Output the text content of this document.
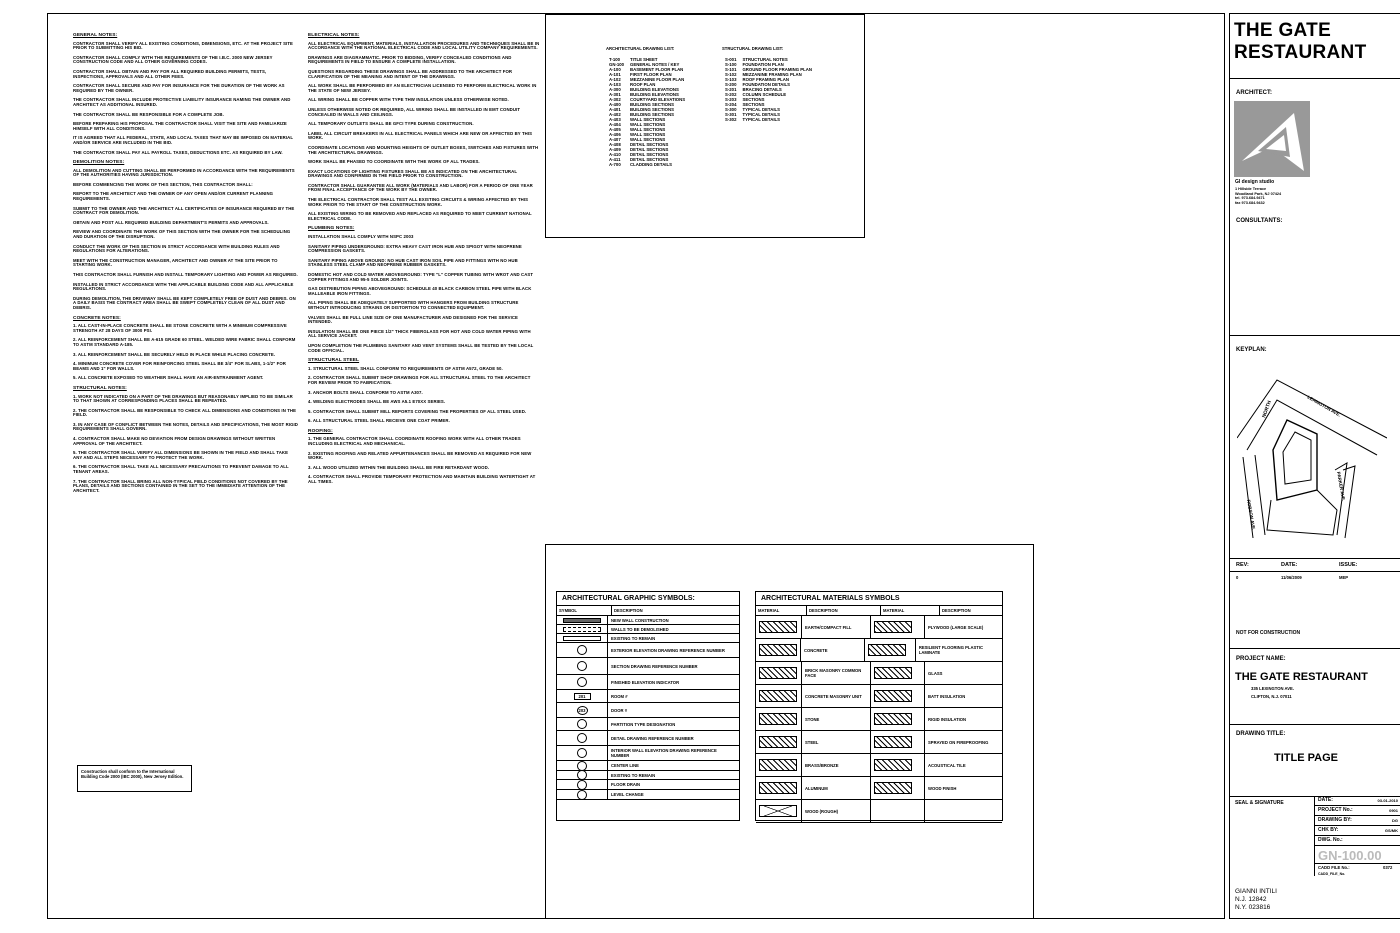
ARCHITECTURAL DRAWING LIST:
T-100	TITLE SHEET
GN-100	GENERAL NOTES / KEY
A-100	BASEMENT FLOOR PLAN
A-101	FIRST FLOOR PLAN
A-102	MEZZANINE FLOOR PLAN
A-103	ROOF PLAN
A-300	BUILDING ELEVATIONS
A-301	BUILDING ELEVATIONS
A-302	COURTYARD ELEVATIONS
A-400	BUILDING SECTIONS
A-401	BUILDING SECTIONS
A-402	BUILDING SECTIONS
A-403	WALL SECTIONS
A-404	WALL SECTIONS
A-405	WALL SECTIONS
A-406	WALL SECTIONS
A-407	WALL SECTIONS
A-408	DETAIL SECTIONS
A-409	DETAIL SECTIONS
A-410	DETAIL SECTIONS
A-411	DETAIL SECTIONS
A-700	CLADDING DETAILS
STRUCTURAL DRAWING LIST:
S-001	STRUCTURAL NOTES
S-100	FOUNDATION PLAN
S-101	GROUND FLOOR FRAMING PLAN
S-102	MEZZANINE FRAMING PLAN
S-103	ROOF FRAMING PLAN
S-200	FOUNDATION DETAILS
S-201	BRACING DETAILS
S-202	COLUMN SCHEDULE
S-203	SECTIONS
S-204	SECTIONS
S-300	TYPICAL DETAILS
S-301	TYPICAL DETAILS
S-302	TYPICAL DETAILS
GENERAL NOTES:
CONTRACTOR SHALL VERIFY ALL EXISTING CONDITIONS, DIMENSIONS, ETC. AT THE PROJECT SITE PRIOR TO SUBMITTING HIS BID.
CONTRACTOR SHALL COMPLY WITH THE REQUIREMENTS OF THE I.B.C. 2000 NEW JERSEY CONSTRUCTION CODE AND ALL OTHER GOVERNING CODES.
CONTRACTOR SHALL OBTAIN AND PAY FOR ALL REQUIRED BUILDING PERMITS, TESTS, INSPECTIONS, APPROVALS AND ALL OTHER FEES.
CONTRACTOR SHALL SECURE AND PAY FOR INSURANCE FOR THE DURATION OF THE WORK AS REQUIRED BY THE OWNER.
THE CONTRACTOR SHALL INCLUDE PROTECTIVE LIABILITY INSURANCE NAMING THE OWNER AND ARCHITECT AS ADDITIONAL INSURED.
THE CONTRACTOR SHALL BE RESPONSIBLE FOR A COMPLETE JOB.
BEFORE PREPARING HIS PROPOSAL THE CONTRACTOR SHALL VISIT THE SITE AND FAMILIARIZE HIMSELF WITH ALL CONDITIONS.
IT IS AGREED THAT ALL FEDERAL, STATE, AND LOCAL TAXES THAT MAY BE IMPOSED ON MATERIAL AND/OR SERVICE ARE INCLUDED IN THE BID.
THE CONTRACTOR SHALL PAY ALL PAYROLL TAXES, DEDUCTIONS ETC. AS REQUIRED BY LAW.
DEMOLITION NOTES:
ALL DEMOLITION AND CUTTING SHALL BE PERFORMED IN ACCORDANCE WITH THE REQUIREMENTS OF THE AUTHORITIES HAVING JURISDICTION.
BEFORE COMMENCING THE WORK OF THIS SECTION, THIS CONTRACTOR SHALL:
REPORT TO THE ARCHITECT AND THE OWNER OF ANY OPEN AND/OR CURRENT PLANNING REQUIREMENTS.
SUBMIT TO THE OWNER AND THE ARCHITECT ALL CERTIFICATES OF INSURANCE REQUIRED BY THE CONTRACT FOR DEMOLITION.
OBTAIN AND POST ALL REQUIRED BUILDING DEPARTMENT'S PERMITS AND APPROVALS.
REVIEW AND COORDINATE THE WORK OF THIS SECTION WITH THE OWNER FOR THE SCHEDULING AND DURATION OF THE DISRUPTION.
CONDUCT THE WORK OF THIS SECTION IN STRICT ACCORDANCE WITH BUILDING RULES AND REGULATIONS FOR ALTERATIONS.
MEET WITH THE CONSTRUCTION MANAGER, ARCHITECT AND OWNER AT THE SITE PRIOR TO STARTING WORK.
THIS CONTRACTOR SHALL FURNISH AND INSTALL TEMPORARY LIGHTING AND POWER AS REQUIRED.
INSTALLED IN STRICT ACCORDANCE WITH THE APPLICABLE BUILDING CODE AND ALL APPLICABLE REGULATIONS.
DURING DEMOLITION, THE DRIVEWAY SHALL BE KEPT COMPLETELY FREE OF DUST AND DEBRIS. ON A DAILY BASIS THE CONTRACT AREA SHALL BE SWEPT COMPLETELY CLEAN OF ALL DUST AND DEBRIS.
CONCRETE NOTES:
1. ALL CAST-IN-PLACE CONCRETE SHALL BE STONE CONCRETE WITH A MINIMUM COMPRESSIVE STRENGTH AT 28 DAYS OF 3000 PSI.
2. ALL REINFORCEMENT SHALL BE A-615 GRADE 60 STEEL. WELDED WIRE FABRIC SHALL CONFORM TO ASTM STANDARD A-185.
3. ALL REINFORCEMENT SHALL BE SECURELY HELD IN PLACE WHILE PLACING CONCRETE.
4. MINIMUM CONCRETE COVER FOR REINFORCING STEEL SHALL BE 3/4" FOR SLABS, 1-1/2" FOR BEAMS AND 1" FOR WALLS.
5. ALL CONCRETE EXPOSED TO WEATHER SHALL HAVE AN AIR-ENTRAINMENT AGENT.
STRUCTURAL NOTES:
1. WORK NOT INDICATED ON A PART OF THE DRAWINGS BUT REASONABLY IMPLIED TO BE SIMILAR TO THAT SHOWN AT CORRESPONDING PLACES SHALL BE REPEATED.
2. THE CONTRACTOR SHALL BE RESPONSIBLE TO CHECK ALL DIMENSIONS AND CONDITIONS IN THE FIELD.
3. IN ANY CASE OF CONFLICT BETWEEN THE NOTES, DETAILS AND SPECIFICATIONS, THE MOST RIGID REQUIREMENTS SHALL GOVERN.
4. CONTRACTOR SHALL MAKE NO DEVIATION FROM DESIGN DRAWINGS WITHOUT WRITTEN APPROVAL OF THE ARCHITECT.
5. THE CONTRACTOR SHALL VERIFY ALL DIMENSIONS BE SHOWN IN THE FIELD AND SHALL TAKE ANY AND ALL STEPS NECESSARY TO PROTECT THE WORK.
6. THE CONTRACTOR SHALL TAKE ALL NECESSARY PRECAUTIONS TO PREVENT DAMAGE TO ALL TENANT AREAS.
7. THE CONTRACTOR SHALL BRING ALL NON-TYPICAL FIELD CONDITIONS NOT COVERED BY THE PLANS, DETAILS AND SECTIONS CONTAINED IN THE SET TO THE IMMEDIATE ATTENTION OF THE ARCHITECT.
Construction shall conform to the International Building Code 2000 (IBC 2000), New Jersey Edition.
ELECTRICAL NOTES:
ALL ELECTRICAL EQUIPMENT, MATERIALS, INSTALLATION PROCEDURES AND TECHNIQUES SHALL BE IN ACCORDANCE WITH THE NATIONAL ELECTRICAL CODE AND LOCAL UTILITY COMPANY REQUIREMENTS.
DRAWINGS ARE DIAGRAMMATIC. PRIOR TO BIDDING, VERIFY CONCEALED CONDITIONS AND REQUIREMENTS IN FIELD TO ENSURE A COMPLETE INSTALLATION.
QUESTIONS REGARDING THESE DRAWINGS SHALL BE ADDRESSED TO THE ARCHITECT FOR CLARIFICATION OF THE MEANING AND INTENT OF THE DRAWINGS.
ALL WORK SHALL BE PERFORMED BY AN ELECTRICIAN LICENSED TO PERFORM ELECTRICAL WORK IN THE STATE OF NEW JERSEY.
ALL WIRING SHALL BE COPPER WITH TYPE THW INSULATION UNLESS OTHERWISE NOTED.
UNLESS OTHERWISE NOTED OR REQUIRED, ALL WIRING SHALL BE INSTALLED IN EMT CONDUIT CONCEALED IN WALLS AND CEILINGS.
ALL TEMPORARY OUTLETS SHALL BE GFCI TYPE DURING CONSTRUCTION.
LABEL ALL CIRCUIT BREAKERS IN ALL ELECTRICAL PANELS WHICH ARE NEW OR AFFECTED BY THIS WORK.
COORDINATE LOCATIONS AND MOUNTING HEIGHTS OF OUTLET BOXES, SWITCHES AND FIXTURES WITH THE ARCHITECTURAL DRAWINGS.
WORK SHALL BE PHASED TO COORDINATE WITH THE WORK OF ALL TRADES.
EXACT LOCATIONS OF LIGHTING FIXTURES SHALL BE AS INDICATED ON THE ARCHITECTURAL DRAWINGS AND CONFIRMED IN THE FIELD PRIOR TO CONSTRUCTION.
CONTRACTOR SHALL GUARANTEE ALL WORK (MATERIALS AND LABOR) FOR A PERIOD OF ONE YEAR FROM FINAL ACCEPTANCE OF THE WORK BY THE OWNER.
THE ELECTRICAL CONTRACTOR SHALL TEST ALL EXISTING CIRCUITS & WIRING AFFECTED BY THIS WORK PRIOR TO THE START OF THE CONSTRUCTION WORK.
ALL EXISTING WIRING TO BE REMOVED AND REPLACED AS REQUIRED TO MEET CURRENT NATIONAL ELECTRICAL CODE.
PLUMBING NOTES:
INSTALLATION SHALL COMPLY WITH NSPC 2003
SANITARY PIPING UNDERGROUND: EXTRA HEAVY CAST IRON HUB AND SPIGOT WITH NEOPRENE COMPRESSION GASKETS.
SANITARY PIPING ABOVE GROUND: NO HUB CAST IRON SOIL PIPE AND FITTINGS WITH NO HUB STAINLESS STEEL CLAMP AND NEOPRENE RUBBER GASKETS.
DOMESTIC HOT AND COLD WATER ABOVEGROUND: TYPE "L" COPPER TUBING WITH WROT AND CAST COPPER FITTINGS AND 95-5 SOLDER JOINTS.
GAS DISTRIBUTION PIPING ABOVEGROUND: SCHEDULE 40 BLACK CARBON STEEL PIPE WITH BLACK MALLEABLE IRON FITTINGS.
ALL PIPING SHALL BE ADEQUATELY SUPPORTED WITH HANGERS FROM BUILDING STRUCTURE WITHOUT INTRODUCING STRAINS OR DISTORTION TO CONNECTED EQUIPMENT.
VALVES SHALL BE FULL LINE SIZE OF ONE MANUFACTURER AND DESIGNED FOR THE SERVICE INTENDED.
INSULATION SHALL BE ONE PIECE 1/2" THICK FIBERGLASS FOR HOT AND COLD WATER PIPING WITH ALL SERVICE JACKET.
UPON COMPLETION THE PLUMBING SANITARY AND VENT SYSTEMS SHALL BE TESTED BY THE LOCAL CODE OFFICIAL.
STRUCTURAL STEEL
1. STRUCTURAL STEEL SHALL CONFORM TO REQUIREMENTS OF ASTM A572, GRADE 50.
2. CONTRACTOR SHALL SUBMIT SHOP DRAWINGS FOR ALL STRUCTURAL STEEL TO THE ARCHITECT FOR REVIEW PRIOR TO FABRICATION.
3. ANCHOR BOLTS SHALL CONFORM TO ASTM A307.
4. WELDING ELECTRODES SHALL BE AWS A5.1 E70XX SERIES.
5. CONTRACTOR SHALL SUBMIT MILL REPORTS COVERING THE PROPERTIES OF ALL STEEL USED.
6. ALL STRUCTURAL STEEL SHALL RECEIVE ONE COAT PRIMER.
ROOFING:
1. THE GENERAL CONTRACTOR SHALL COORDINATE ROOFING WORK WITH ALL OTHER TRADES INCLUDING ELECTRICAL AND MECHANICAL.
2. EXISTING ROOFING AND RELATED APPURTENANCES SHALL BE REMOVED AS REQUIRED FOR NEW WORK.
3. ALL WOOD UTILIZED WITHIN THE BUILDING SHALL BE FIRE RETARDANT WOOD.
4. CONTRACTOR SHALL PROVIDE TEMPORARY PROTECTION AND MAINTAIN BUILDING WATERTIGHT AT ALL TIMES.
ARCHITECTURAL GRAPHIC SYMBOLS:
SYMBOL	DESCRIPTION
NEW WALL CONSTRUCTION
WALLS TO BE DEMOLISHED
EXISTING TO REMAIN
EXTERIOR ELEVATION DRAWING REFERENCE NUMBER
SECTION DRAWING REFERENCE NUMBER
FINISHED ELEVATION INDICATOR
201	ROOM #
203	DOOR #
PARTITION TYPE DESIGNATION
DETAIL DRAWING REFERENCE NUMBER
INTERIOR WALL ELEVATION DRAWING REFERENCE NUMBER
CENTER LINE
EXISTING TO REMAIN
FLOOR DRAIN
LEVEL CHANGE
ARCHITECTURAL MATERIALS SYMBOLS
MATERIAL	DESCRIPTION	MATERIAL	DESCRIPTION
EARTH/COMPACT FILL	PLYWOOD (LARGE SCALE)
CONCRETE	RESILIENT FLOORING PLASTIC LAMINATE
BRICK MASONRY COMMON FACE	GLASS
CONCRETE MASONRY UNIT	BATT INSULATION
STONE	RIGID INSULATION
STEEL	SPRAYED ON FIREPROOFING
BRASS/BRONZE	ACOUSTICAL TILE
ALUMINUM	WOOD FINISH
WOOD (ROUGH)
THE GATE
RESTAURANT
ARCHITECT:
GI design studio
1 Hillside Terrace
Woodland Park, NJ 07424
tel. 973.684.9471
fax 973.684.9432
CONSULTANTS:
KEYPLAN:
NORTH	LEXINGTON AVE.
ROBSON AVE.
PARKER AVE.
REV:	DATE:	ISSUE:
0	11/06/2009	MEP
NOT FOR CONSTRUCTION
PROJECT NAME:
THE GATE RESTAURANT
335 LEXINGTON AVE.
CLIFTON, N.J. 07011
DRAWING TITLE:
TITLE PAGE
SEAL & SIGNATURE	DATE:	03-01-2010
PROJECT No.:	0901
DRAWING BY:	DG
CHK BY:	GS/MK
DWG. No.:
GN-100.00
CADD FILE No.:	0372
CADD_FILE_No.
GIANNI INTILI
N.J. 12842
N.Y. 023816
